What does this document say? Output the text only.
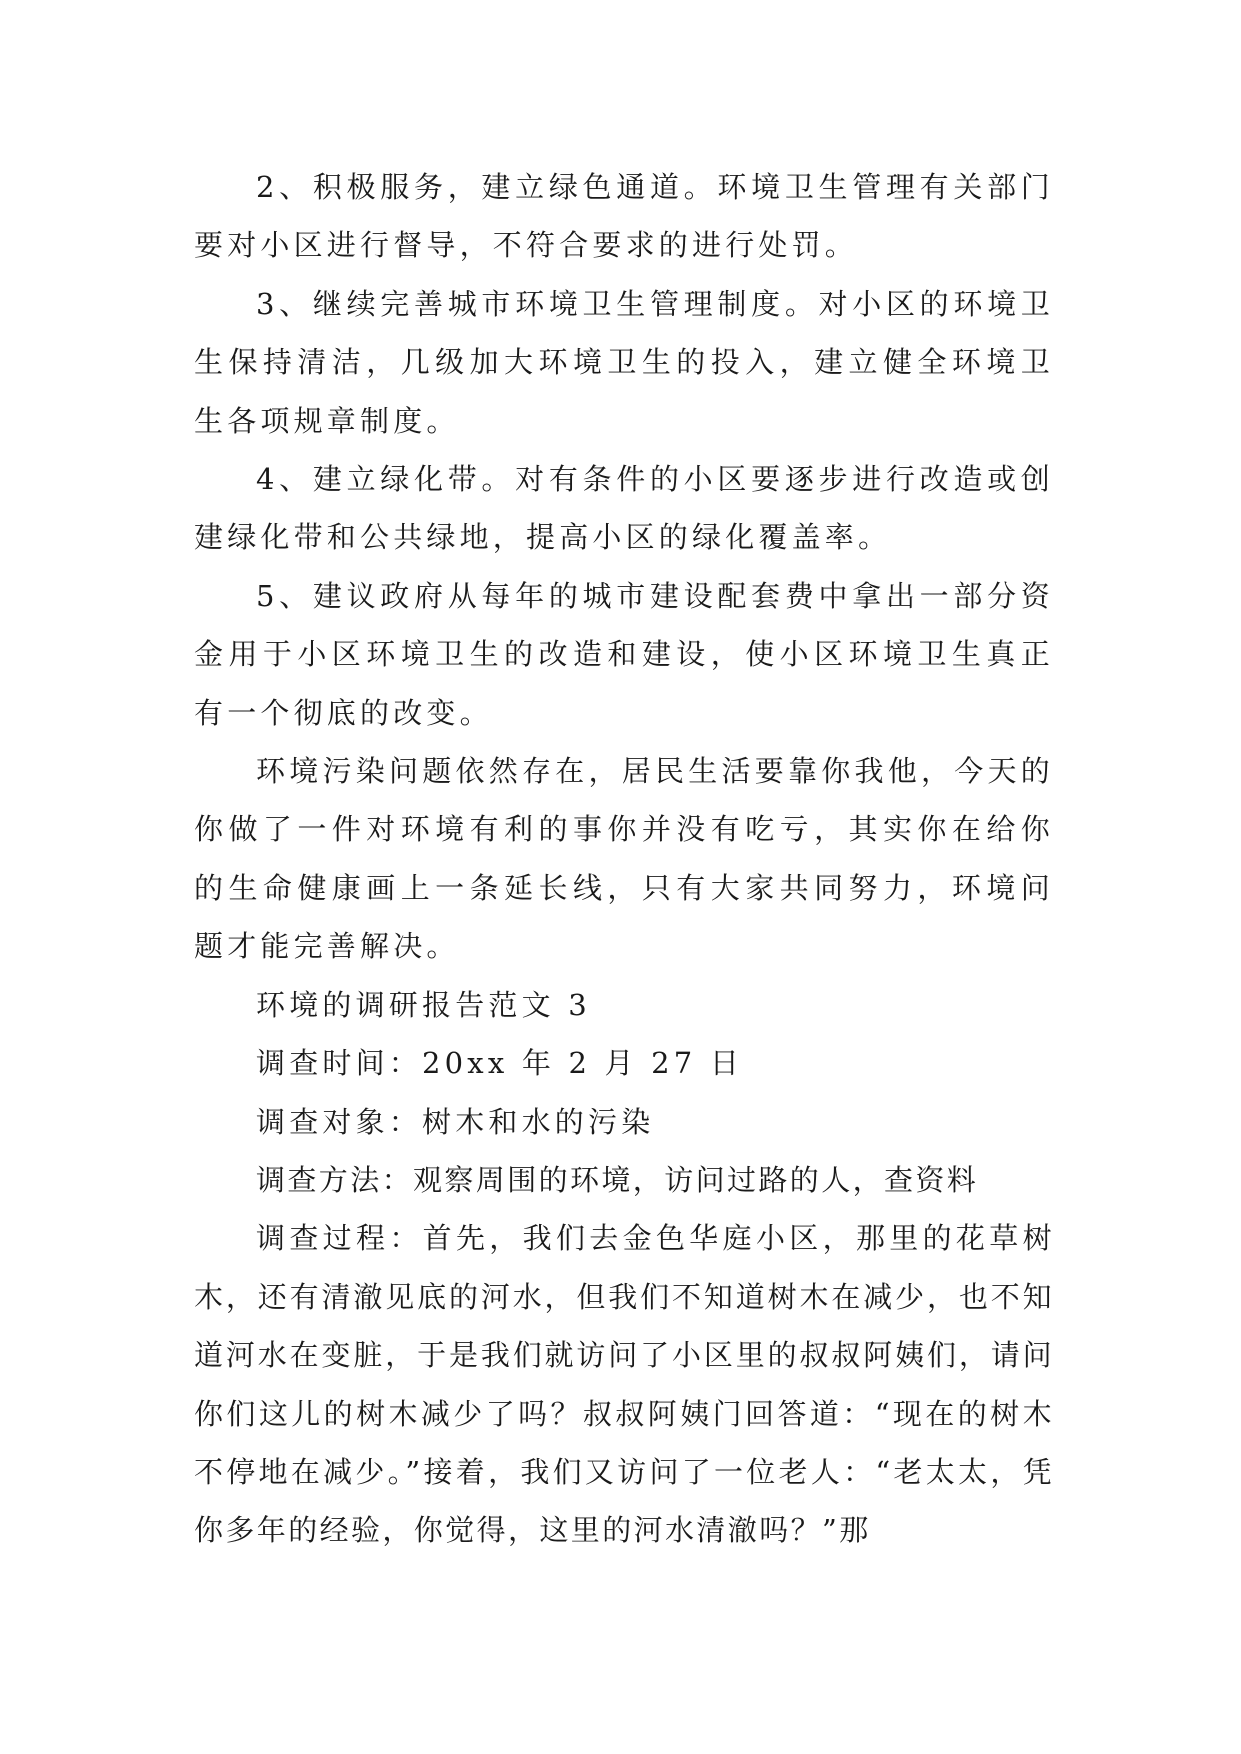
2、积极服务，建立绿色通道。环境卫生管理有关部门要对小区进行督导，不符合要求的进行处罚。

3、继续完善城市环境卫生管理制度。对小区的环境卫生保持清洁，几级加大环境卫生的投入，建立健全环境卫生各项规章制度。

4、建立绿化带。对有条件的小区要逐步进行改造或创建绿化带和公共绿地，提高小区的绿化覆盖率。

5、建议政府从每年的城市建设配套费中拿出一部分资金用于小区环境卫生的改造和建设，使小区环境卫生真正有一个彻底的改变。

环境污染问题依然存在，居民生活要靠你我他，今天的你做了一件对环境有利的事你并没有吃亏，其实你在给你的生命健康画上一条延长线，只有大家共同努力，环境问题才能完善解决。

环境的调研报告范文 3

调查时间：20xx 年 2 月 27 日

调查对象：树木和水的污染

调查方法：观察周围的环境，访问过路的人，查资料

调查过程：首先，我们去金色华庭小区，那里的花草树木，还有清澈见底的河水，但我们不知道树木在减少，也不知道河水在变脏，于是我们就访问了小区里的叔叔阿姨们，请问你们这儿的树木减少了吗？叔叔阿姨门回答道：“现在的树木不停地在减少。”接着，我们又访问了一位老人：“老太太，凭你多年的经验，你觉得，这里的河水清澈吗？”那
